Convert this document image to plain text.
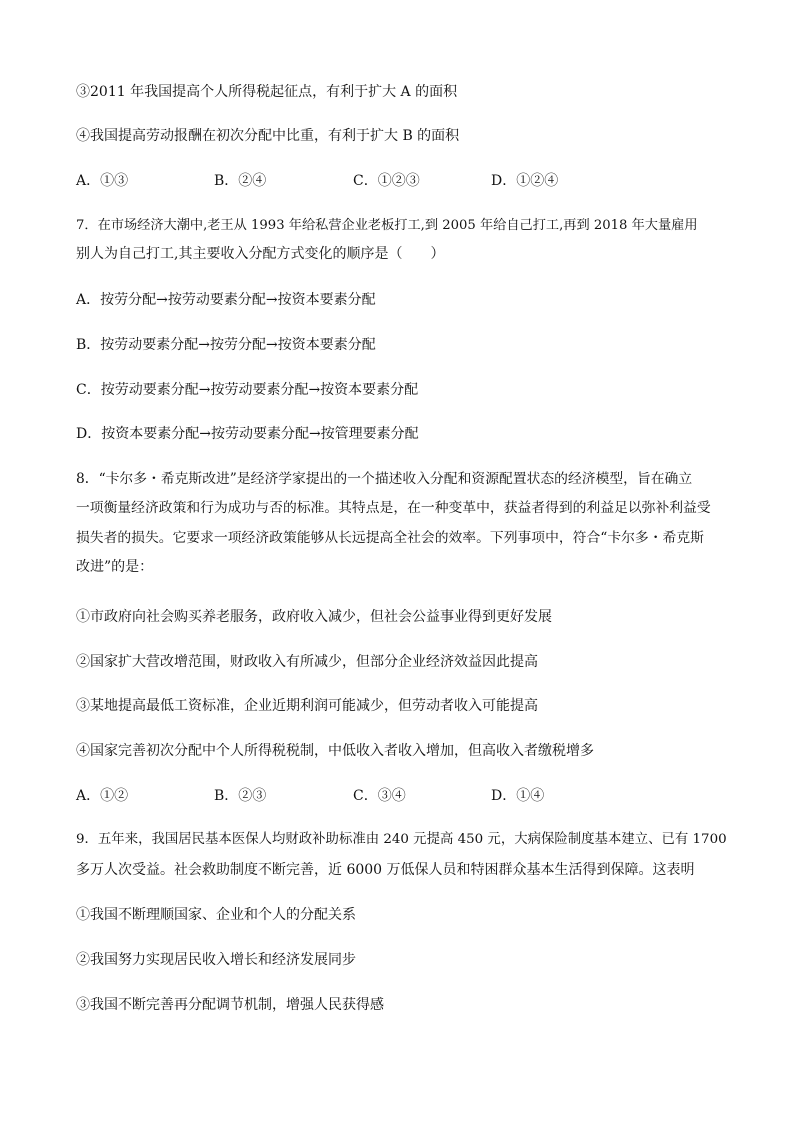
③2011 年我国提高个人所得税起征点，有利于扩大 A 的面积
④我国提高劳动报酬在初次分配中比重，有利于扩大 B 的面积
A．①③	B．②④	C．①②③	D．①②④
7．在市场经济大潮中,老王从 1993 年给私营企业老板打工,到 2005 年给自己打工,再到 2018 年大量雇用
别人为自己打工,其主要收入分配方式变化的顺序是（　　）
A．按劳分配→按劳动要素分配→按资本要素分配
B．按劳动要素分配→按劳分配→按资本要素分配
C．按劳动要素分配→按劳动要素分配→按资本要素分配
D．按资本要素分配→按劳动要素分配→按管理要素分配
8．“卡尔多・希克斯改进”是经济学家提出的一个描述收入分配和资源配置状态的经济模型，旨在确立
一项衡量经济政策和行为成功与否的标准。其特点是，在一种变革中，获益者得到的利益足以弥补利益受
损失者的损失。它要求一项经济政策能够从长远提高全社会的效率。下列事项中，符合“卡尔多・希克斯
改进”的是：
①市政府向社会购买养老服务，政府收入减少，但社会公益事业得到更好发展
②国家扩大营改增范围，财政收入有所减少，但部分企业经济效益因此提高
③某地提高最低工资标准，企业近期利润可能减少，但劳动者收入可能提高
④国家完善初次分配中个人所得税税制，中低收入者收入增加，但高收入者缴税增多
A．①②	B．②③	C．③④	D．①④
9．五年来，我国居民基本医保人均财政补助标准由 240 元提高 450 元，大病保险制度基本建立、已有 1700
多万人次受益。社会救助制度不断完善，近 6000 万低保人员和特困群众基本生活得到保障。这表明
①我国不断理顺国家、企业和个人的分配关系
②我国努力实现居民收入增长和经济发展同步
③我国不断完善再分配调节机制，增强人民获得感
